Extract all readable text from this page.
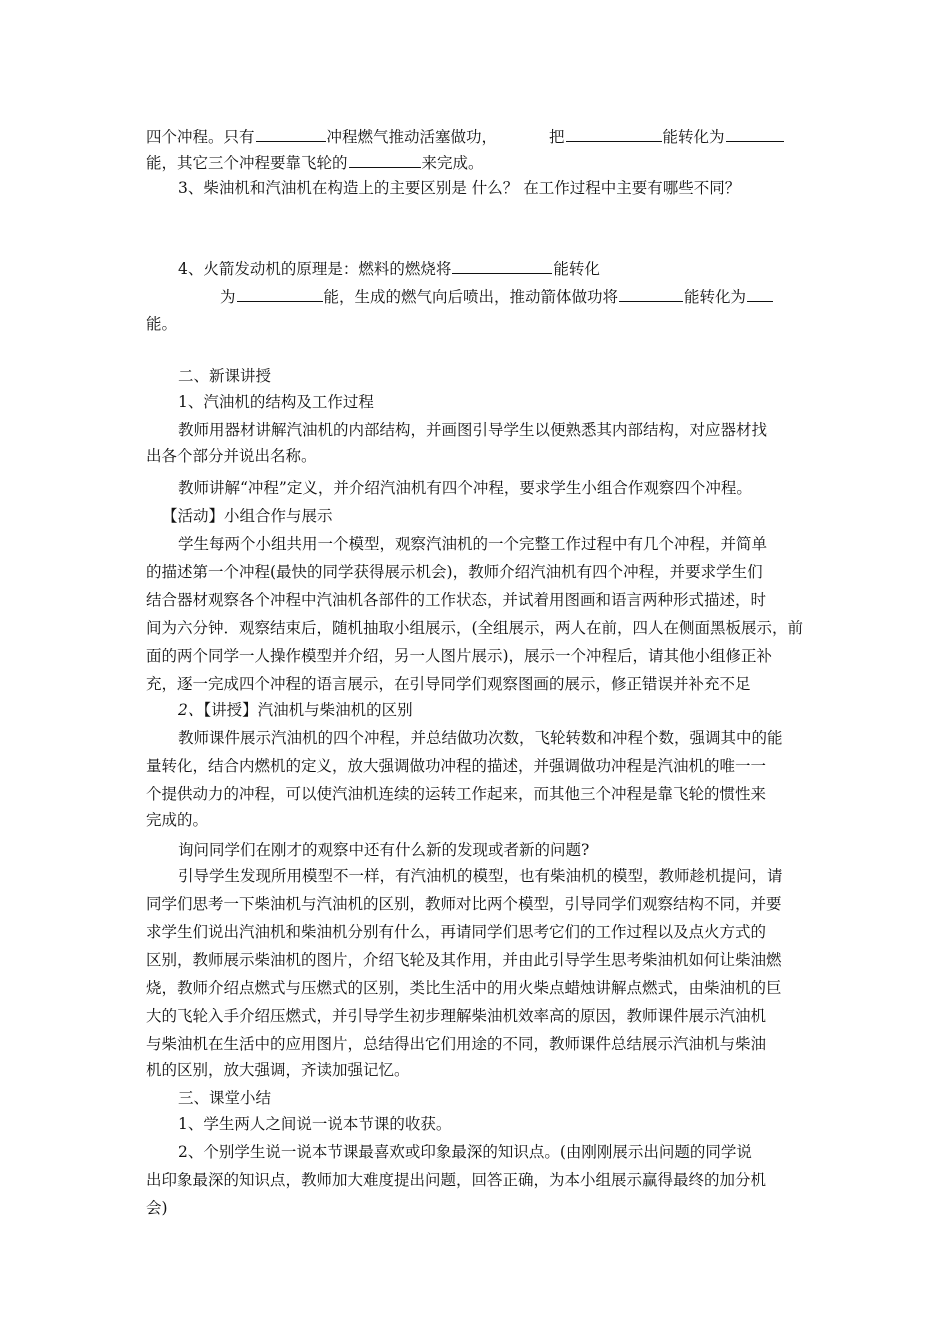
四个冲程。只有	冲程燃气推动活塞做功，	把	能转化为
能，其它三个冲程要靠飞轮的	来完成。
3、柴油机和汽油机在构造上的主要区别是 什么？ 在工作过程中主要有哪些不同？
4、火箭发动机的原理是：燃料的燃烧将	能转化
为	能，生成的燃气向后喷出，推动箭体做功将	能转化为
能。
二、新课讲授
1、汽油机的结构及工作过程
教师用器材讲解汽油机的内部结构，并画图引导学生以便熟悉其内部结构，对应器材找
出各个部分并说出名称。
教师讲解“冲程”定义，并介绍汽油机有四个冲程，要求学生小组合作观察四个冲程。
【活动】小组合作与展示
学生每两个小组共用一个模型，观察汽油机的一个完整工作过程中有几个冲程，并简单
的描述第一个冲程(最快的同学获得展示机会)，教师介绍汽油机有四个冲程，并要求学生们
结合器材观察各个冲程中汽油机各部件的工作状态，并试着用图画和语言两种形式描述，时
间为六分钟．观察结束后，随机抽取小组展示，(全组展示，两人在前，四人在侧面黑板展示，前
面的两个同学一人操作模型并介绍，另一人图片展示)，展示一个冲程后，请其他小组修正补
充，逐一完成四个冲程的语言展示，在引导同学们观察图画的展示，修正错误并补充不足
2、【讲授】汽油机与柴油机的区别
教师课件展示汽油机的四个冲程，并总结做功次数，飞轮转数和冲程个数，强调其中的能
量转化，结合内燃机的定义，放大强调做功冲程的描述，并强调做功冲程是汽油机的唯一一
个提供动力的冲程，可以使汽油机连续的运转工作起来，而其他三个冲程是靠飞轮的惯性来
完成的。
询问同学们在刚才的观察中还有什么新的发现或者新的问题?
引导学生发现所用模型不一样，有汽油机的模型，也有柴油机的模型，教师趁机提问，请
同学们思考一下柴油机与汽油机的区别，教师对比两个模型，引导同学们观察结构不同，并要
求学生们说出汽油机和柴油机分别有什么，再请同学们思考它们的工作过程以及点火方式的
区别，教师展示柴油机的图片，介绍飞轮及其作用，并由此引导学生思考柴油机如何让柴油燃
烧，教师介绍点燃式与压燃式的区别，类比生活中的用火柴点蜡烛讲解点燃式，由柴油机的巨
大的飞轮入手介绍压燃式，并引导学生初步理解柴油机效率高的原因，教师课件展示汽油机
与柴油机在生活中的应用图片，总结得出它们用途的不同，教师课件总结展示汽油机与柴油
机的区别，放大强调，齐读加强记忆。
三、课堂小结
1、学生两人之间说一说本节课的收获。
2、个别学生说一说本节课最喜欢或印象最深的知识点。(由刚刚展示出问题的同学说
出印象最深的知识点，教师加大难度提出问题，回答正确，为本小组展示赢得最终的加分机
会)
